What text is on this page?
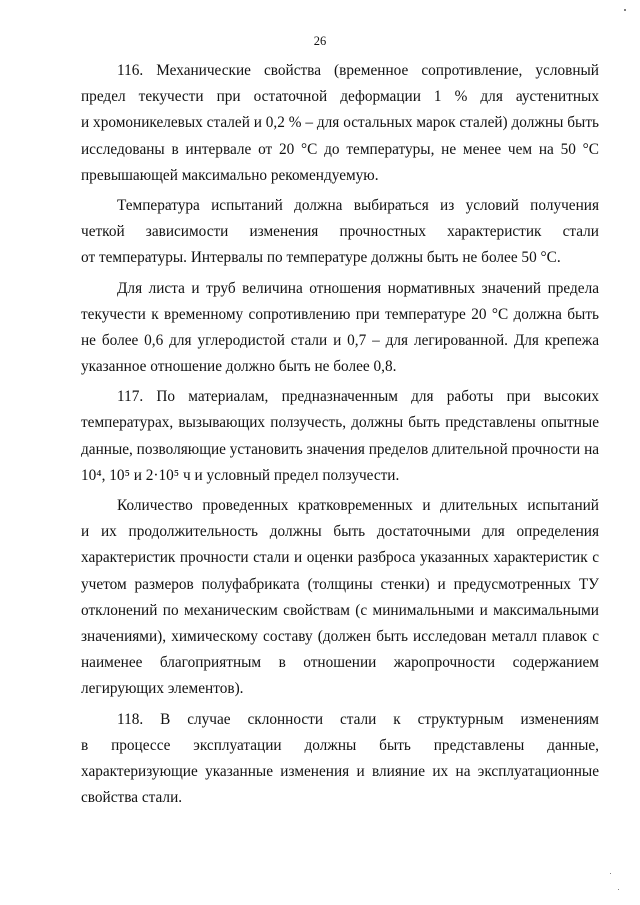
26
116. Механические свойства (временное сопротивление, условный
предел текучести при остаточной деформации 1 % для аустенитных
и хромоникелевых сталей и 0,2 % – для остальных марок сталей) должны быть
исследованы в интервале от 20 °С до температуры, не менее чем на 50 °С
превышающей максимально рекомендуемую.
Температура испытаний должна выбираться из условий получения
четкой зависимости изменения прочностных характеристик стали
от температуры. Интервалы по температуре должны быть не более 50 °С.
Для листа и труб величина отношения нормативных значений предела
текучести к временному сопротивлению при температуре 20 °С должна быть
не более 0,6 для углеродистой стали и 0,7 – для легированной. Для крепежа
указанное отношение должно быть не более 0,8.
117. По материалам, предназначенным для работы при высоких
температурах, вызывающих ползучесть, должны быть представлены опытные
данные, позволяющие установить значения пределов длительной прочности на
10⁴, 10⁵ и 2·10⁵ ч и условный предел ползучести.
Количество проведенных кратковременных и длительных испытаний
и их продолжительность должны быть достаточными для определения
характеристик прочности стали и оценки разброса указанных характеристик с
учетом размеров полуфабриката (толщины стенки) и предусмотренных ТУ
отклонений по механическим свойствам (с минимальными и максимальными
значениями), химическому составу (должен быть исследован металл плавок с
наименее благоприятным в отношении жаропрочности содержанием
легирующих элементов).
118. В случае склонности стали к структурным изменениям
в процессе эксплуатации должны быть представлены данные,
характеризующие указанные изменения и влияние их на эксплуатационные
свойства стали.
